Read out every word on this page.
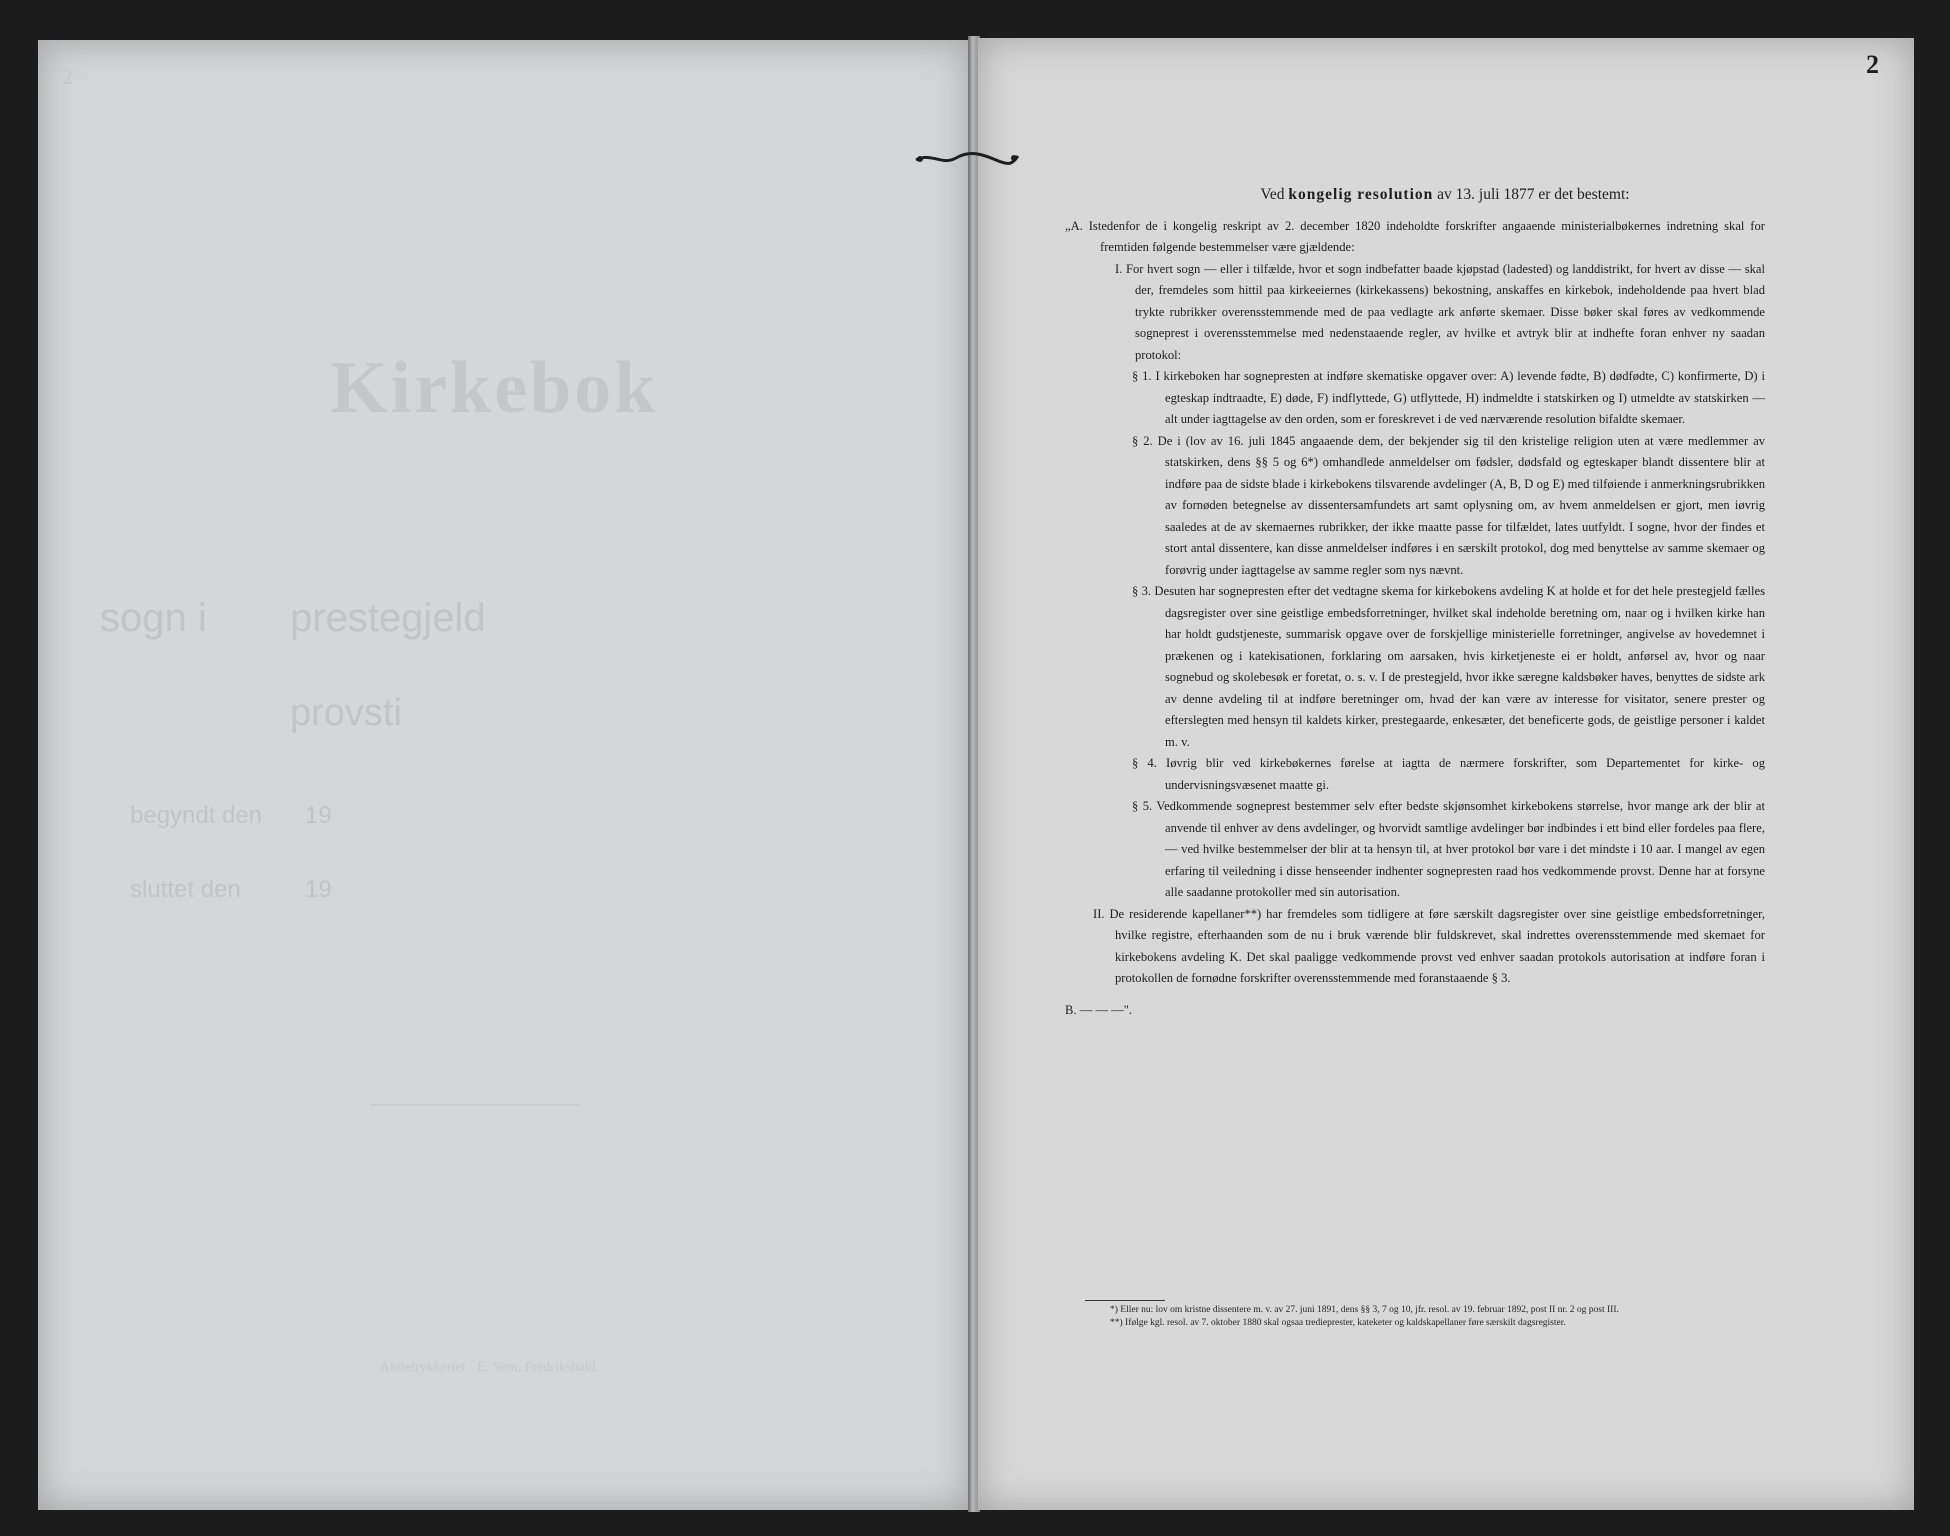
2
Kirkebok
sogn i prestegjeld
provsti
begyndt den 19
sluttet den	19
Aktietrykkeriet · E. Sem, Fredrikshald
2
Ved kongelig resolution av 13. juli 1877 er det bestemt:

„A. Istedenfor de i kongelig reskript av 2. december 1820 indeholdte forskrifter angaaende ministerialbøkernes indretning skal for fremtiden følgende bestemmelser være gjældende:

I. For hvert sogn — eller i tilfælde, hvor et sogn indbefatter baade kjøpstad (ladested) og landdistrikt, for hvert av disse — skal der, fremdeles som hittil paa kirkeeiernes (kirkekassens) bekostning, anskaffes en kirkebok, indeholdende paa hvert blad trykte rubrikker overensstemmende med de paa vedlagte ark anførte skemaer. Disse bøker skal føres av vedkommende sogneprest i overensstemmelse med nedenstaaende regler, av hvilke et avtryk blir at indhefte foran enhver ny saadan protokol:

§ 1. I kirkeboken har sognepresten at indføre skematiske opgaver over: A) levende fødte, B) dødfødte, C) konfirmerte, D) i egteskap indtraadte, E) døde, F) indflyttede, G) utflyttede, H) indmeldte i statskirken og I) utmeldte av statskirken — alt under iagttagelse av den orden, som er foreskrevet i de ved nærværende resolution bifaldte skemaer.

§ 2. De i (lov av 16. juli 1845 angaaende dem, der bekjender sig til den kristelige religion uten at være medlemmer av statskirken, dens §§ 5 og 6*) omhandlede anmeldelser om fødsler, dødsfald og egteskaper blandt dissentere blir at indføre paa de sidste blade i kirkebokens tilsvarende avdelinger (A, B, D og E) med tilføiende i anmerkningsrubrikken av fornøden betegnelse av dissentersamfundets art samt oplysning om, av hvem anmeldelsen er gjort, men iøvrig saaledes at de av skemaernes rubrikker, der ikke maatte passe for tilfældet, lates uutfyldt. I sogne, hvor der findes et stort antal dissentere, kan disse anmeldelser indføres i en særskilt protokol, dog med benyttelse av samme skemaer og forøvrig under iagttagelse av samme regler som nys nævnt.

§ 3. Desuten har sognepresten efter det vedtagne skema for kirkebokens avdeling K at holde et for det hele prestegjeld fælles dagsregister over sine geistlige embedsforretninger, hvilket skal indeholde beretning om, naar og i hvilken kirke han har holdt gudstjeneste, summarisk opgave over de forskjellige ministerielle forretninger, angivelse av hovedemnet i prækenen og i katekisationen, forklaring om aarsaken, hvis kirketjeneste ei er holdt, anførsel av, hvor og naar sognebud og skolebesøk er foretat, o. s. v. I de prestegjeld, hvor ikke særegne kaldsbøker haves, benyttes de sidste ark av denne avdeling til at indføre beretninger om, hvad der kan være av interesse for visitator, senere prester og efterslegten med hensyn til kaldets kirker, prestegaarde, enkesæter, det beneficerte gods, de geistlige personer i kaldet m. v.

§ 4. Iøvrig blir ved kirkebøkernes førelse at iagtta de nærmere forskrifter, som Departementet for kirke- og undervisningsvæsenet maatte gi.

§ 5. Vedkommende sogneprest bestemmer selv efter bedste skjønsomhet kirkebokens størrelse, hvor mange ark der blir at anvende til enhver av dens avdelinger, og hvorvidt samtlige avdelinger bør indbindes i ett bind eller fordeles paa flere, — ved hvilke bestemmelser der blir at ta hensyn til, at hver protokol bør vare i det mindste i 10 aar. I mangel av egen erfaring til veiledning i disse henseender indhenter sognepresten raad hos vedkommende provst. Denne har at forsyne alle saadanne protokoller med sin autorisation.

II. De residerende kapellaner**) har fremdeles som tidligere at føre særskilt dagsregister over sine geistlige embedsforretninger, hvilke registre, efterhaanden som de nu i bruk værende blir fuldskrevet, skal indrettes overensstemmende med skemaet for kirkebokens avdeling K. Det skal paaligge vedkommende provst ved enhver saadan protokols autorisation at indføre foran i protokollen de fornødne forskrifter overensstemmende med foranstaaende § 3.

B. — — —".

*) Eller nu: lov om kristne dissentere m. v. av 27. juni 1891, dens §§ 3, 7 og 10, jfr. resol. av 19. februar 1892, post II nr. 2 og post III.

**) Ifølge kgl. resol. av 7. oktober 1880 skal ogsaa tredieprester, kateketer og kaldskapellaner føre særskilt dagsregister.
